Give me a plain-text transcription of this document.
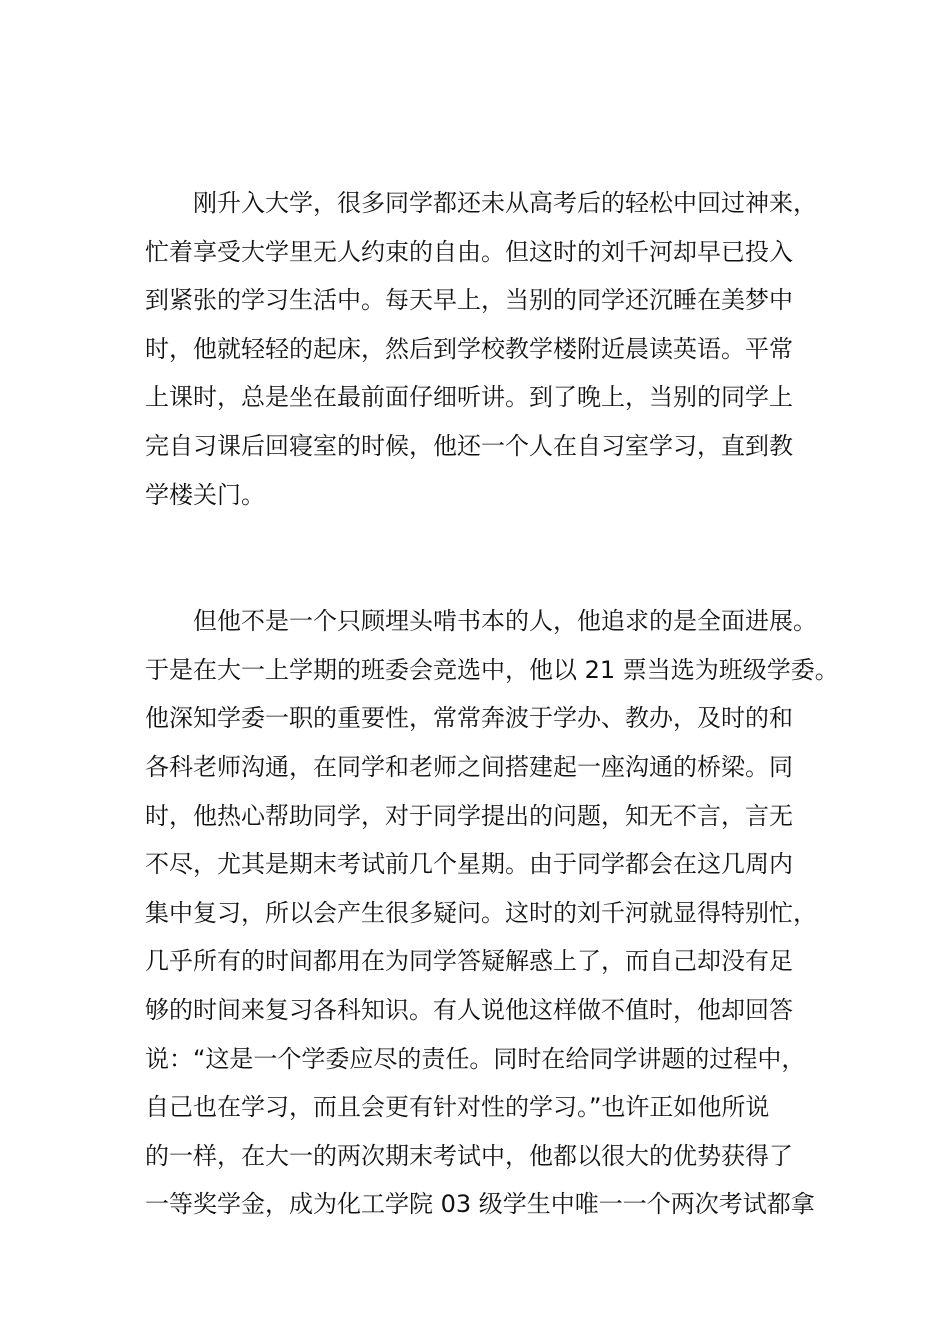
刚升入大学，很多同学都还未从高考后的轻松中回过神来，
忙着享受大学里无人约束的自由。但这时的刘千河却早已投入
到紧张的学习生活中。每天早上，当别的同学还沉睡在美梦中
时，他就轻轻的起床，然后到学校教学楼附近晨读英语。平常
上课时，总是坐在最前面仔细听讲。到了晚上，当别的同学上
完自习课后回寝室的时候，他还一个人在自习室学习，直到教
学楼关门。
但他不是一个只顾埋头啃书本的人，他追求的是全面进展。
于是在大一上学期的班委会竞选中，他以 21 票当选为班级学委。
他深知学委一职的重要性，常常奔波于学办、教办，及时的和
各科老师沟通，在同学和老师之间搭建起一座沟通的桥梁。同
时，他热心帮助同学，对于同学提出的问题，知无不言，言无
不尽，尤其是期末考试前几个星期。由于同学都会在这几周内
集中复习，所以会产生很多疑问。这时的刘千河就显得特别忙，
几乎所有的时间都用在为同学答疑解惑上了，而自己却没有足
够的时间来复习各科知识。有人说他这样做不值时，他却回答
说：“这是一个学委应尽的责任。同时在给同学讲题的过程中，
自己也在学习，而且会更有针对性的学习。”也许正如他所说
的一样，在大一的两次期末考试中，他都以很大的优势获得了
一等奖学金，成为化工学院 03 级学生中唯一一个两次考试都拿
